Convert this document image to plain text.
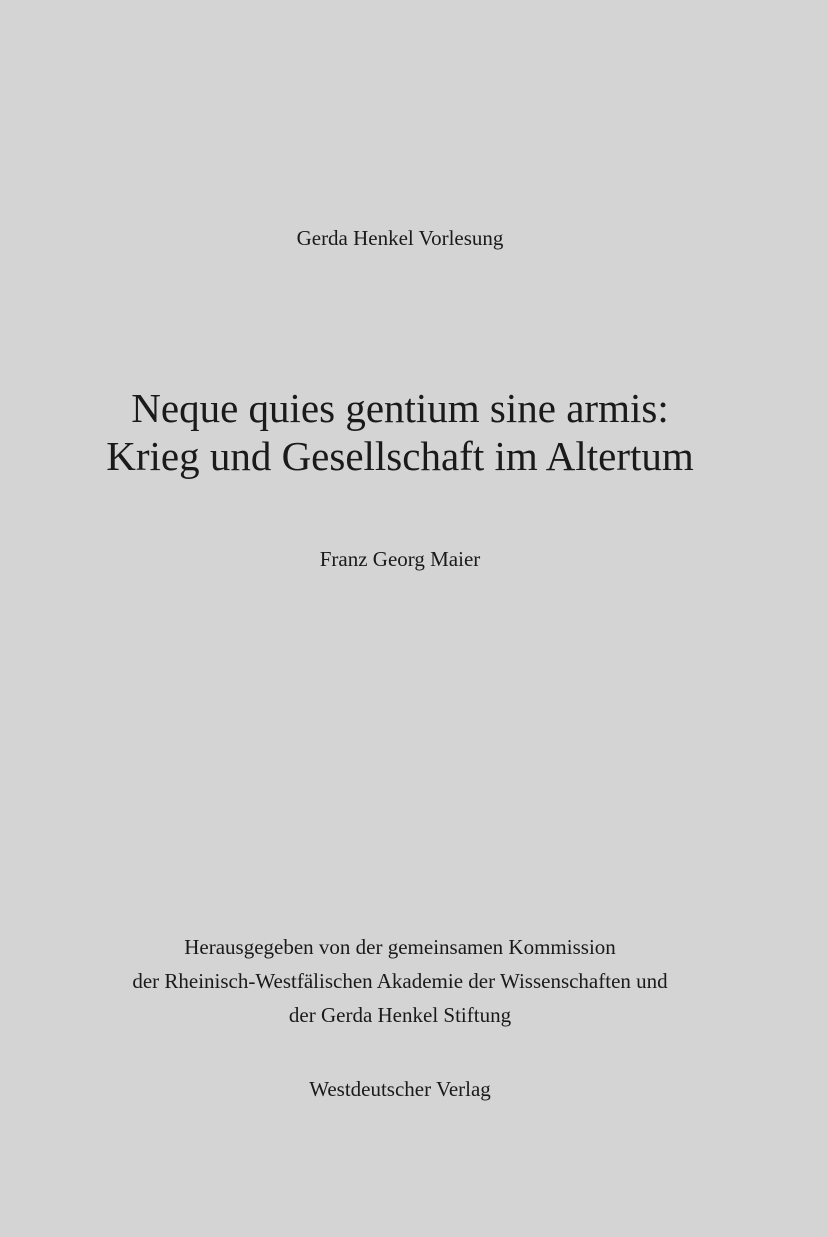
Gerda Henkel Vorlesung

Neque quies gentium sine armis:
Krieg und Gesellschaft im Altertum

Franz Georg Maier

Herausgegeben von der gemeinsamen Kommission
der Rheinisch-Westfälischen Akademie der Wissenschaften und
der Gerda Henkel Stiftung

Westdeutscher Verlag
